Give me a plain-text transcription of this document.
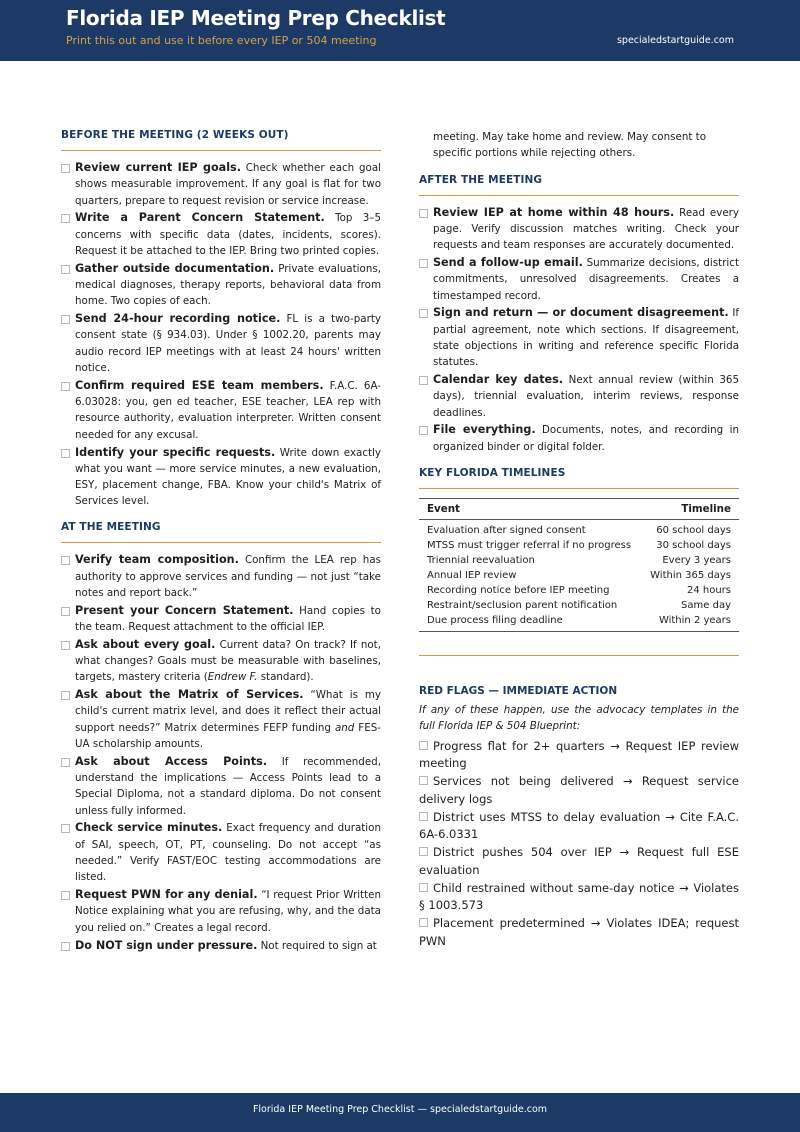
Florida IEP Meeting Prep Checklist
Print this out and use it before every IEP or 504 meeting	specialedstartguide.com
BEFORE THE MEETING (2 WEEKS OUT)
Review current IEP goals. Check whether each goal shows measurable improvement. If any goal is flat for two quarters, prepare to request revision or service increase.
Write a Parent Concern Statement. Top 3–5 concerns with specific data (dates, incidents, scores). Request it be attached to the IEP. Bring two printed copies.
Gather outside documentation. Private evaluations, medical diagnoses, therapy reports, behavioral data from home. Two copies of each.
Send 24-hour recording notice. FL is a two-party consent state (§ 934.03). Under § 1002.20, parents may audio record IEP meetings with at least 24 hours' written notice.
Confirm required ESE team members. F.A.C. 6A-6.03028: you, gen ed teacher, ESE teacher, LEA rep with resource authority, evaluation interpreter. Written consent needed for any excusal.
Identify your specific requests. Write down exactly what you want — more service minutes, a new evaluation, ESY, placement change, FBA. Know your child's Matrix of Services level.
AT THE MEETING
Verify team composition. Confirm the LEA rep has authority to approve services and funding — not just “take notes and report back.”
Present your Concern Statement. Hand copies to the team. Request attachment to the official IEP.
Ask about every goal. Current data? On track? If not, what changes? Goals must be measurable with baselines, targets, mastery criteria (Endrew F. standard).
Ask about the Matrix of Services. “What is my child's current matrix level, and does it reflect their actual support needs?” Matrix determines FEFP funding and FES-UA scholarship amounts.
Ask about Access Points. If recommended, understand the implications — Access Points lead to a Special Diploma, not a standard diploma. Do not consent unless fully informed.
Check service minutes. Exact frequency and duration of SAI, speech, OT, PT, counseling. Do not accept “as needed.” Verify FAST/EOC testing accommodations are listed.
Request PWN for any denial. “I request Prior Written Notice explaining what you are refusing, why, and the data you relied on.” Creates a legal record.
Do NOT sign under pressure. Not required to sign at
meeting. May take home and review. May consent to specific portions while rejecting others.
AFTER THE MEETING
Review IEP at home within 48 hours. Read every page. Verify discussion matches writing. Check your requests and team responses are accurately documented.
Send a follow-up email. Summarize decisions, district commitments, unresolved disagreements. Creates a timestamped record.
Sign and return — or document disagreement. If partial agreement, note which sections. If disagreement, state objections in writing and reference specific Florida statutes.
Calendar key dates. Next annual review (within 365 days), triennial evaluation, interim reviews, response deadlines.
File everything. Documents, notes, and recording in organized binder or digital folder.
KEY FLORIDA TIMELINES
Event	Timeline
Evaluation after signed consent	60 school days
MTSS must trigger referral if no progress	30 school days
Triennial reevaluation	Every 3 years
Annual IEP review	Within 365 days
Recording notice before IEP meeting	24 hours
Restraint/seclusion parent notification	Same day
Due process filing deadline	Within 2 years
RED FLAGS — IMMEDIATE ACTION
If any of these happen, use the advocacy templates in the full Florida IEP & 504 Blueprint:
Progress flat for 2+ quarters → Request IEP review meeting
Services not being delivered → Request service delivery logs
District uses MTSS to delay evaluation → Cite F.A.C. 6A-6.0331
District pushes 504 over IEP → Request full ESE evaluation
Child restrained without same-day notice → Violates § 1003.573
Placement predetermined → Violates IDEA; request PWN
Florida IEP Meeting Prep Checklist — specialedstartguide.com
